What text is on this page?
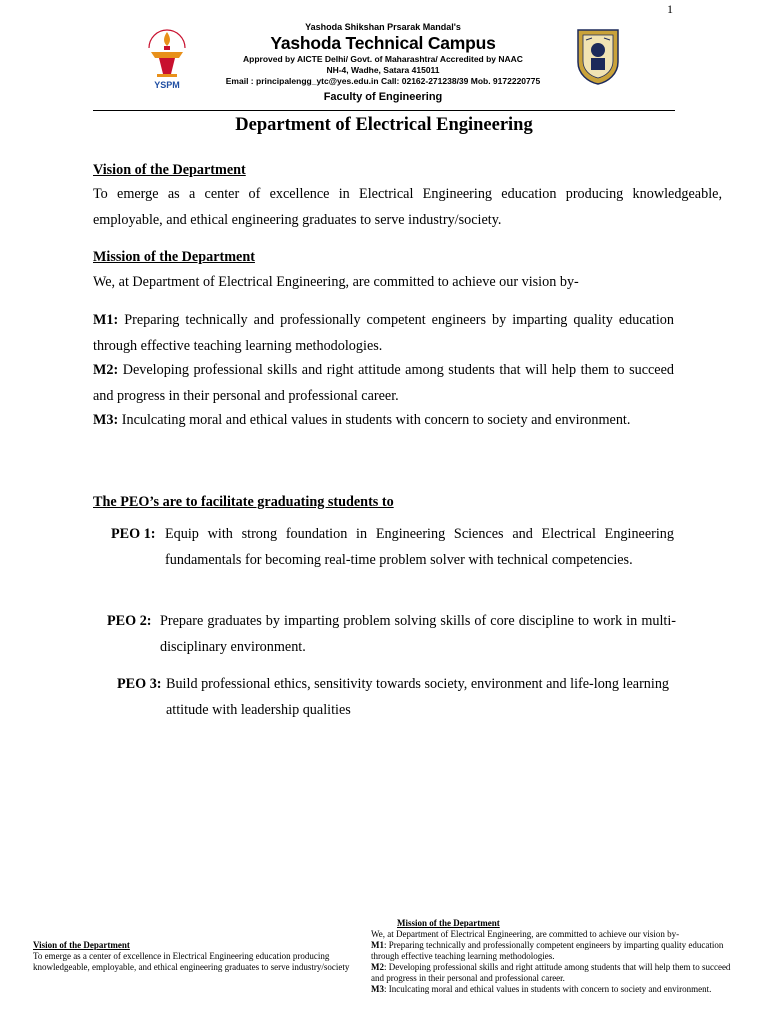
1
YSPM
Yashoda Shikshan Prsarak Mandal's
Yashoda Technical Campus
Approved by AICTE Delhi/ Govt. of Maharashtra/ Accredited by NAAC
NH-4, Wadhe, Satara 415011
Email : principalengg_ytc@yes.edu.in Call: 02162-271238/39 Mob. 9172220775
Faculty of Engineering
Department of Electrical Engineering
Vision of the Department
To emerge as a center of excellence in Electrical Engineering education producing knowledgeable, employable, and ethical engineering graduates to serve industry/society.
Mission of the Department
We, at Department of Electrical Engineering, are committed to achieve our vision by-
M1: Preparing technically and professionally competent engineers by imparting quality education through effective teaching learning methodologies.
M2: Developing professional skills and right attitude among students that will help them to succeed and progress in their personal and professional career.
M3: Inculcating moral and ethical values in students with concern to society and environment.
The PEO’s are to facilitate graduating students to
PEO 1: Equip with strong foundation in Engineering Sciences and Electrical Engineering fundamentals for becoming real-time problem solver with technical competencies.
PEO 2: Prepare graduates by imparting problem solving skills of core discipline to work in multi-disciplinary environment.
PEO 3: Build professional ethics, sensitivity towards society, environment and life-long learning attitude with leadership qualities
Vision of the Department
To emerge as a center of excellence in Electrical Engineering education producing knowledgeable, employable, and ethical engineering graduates to serve industry/society
Mission of the Department
We, at Department of Electrical Engineering, are committed to achieve our vision by-
M1: Preparing technically and professionally competent engineers by imparting quality education through effective teaching learning methodologies.
M2: Developing professional skills and right attitude among students that will help them to succeed and progress in their personal and professional career.
M3: Inculcating moral and ethical values in students with concern to society and environment.
